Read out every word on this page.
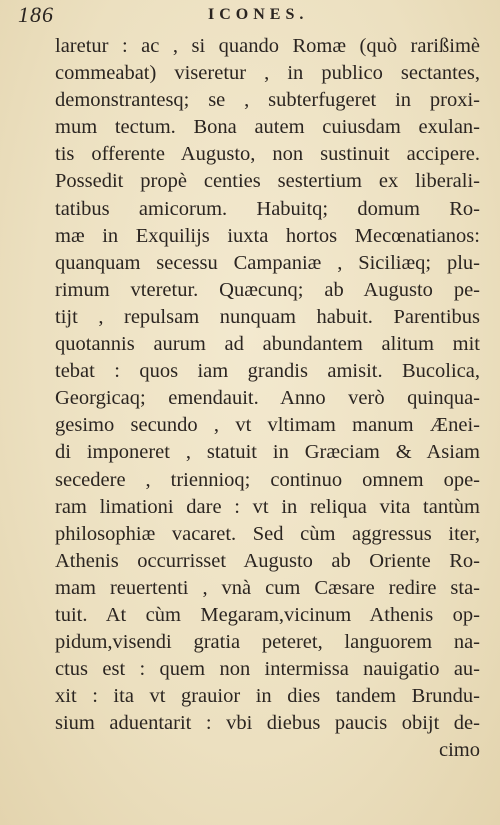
186	ICONES.
laretur : ac , si quando Romæ (quò rarißimè
commeabat) viseretur , in publico sectantes,
demonstrantesq; se , subterfugeret in proxi-
mum tectum. Bona autem cuiusdam exulan-
tis offerente Augusto, non sustinuit accipere.
Possedit propè centies sestertium ex liberali-
tatibus amicorum. Habuitq; domum Ro-
mæ in Exquilijs iuxta hortos Mecœnatianos:
quanquam secessu Campaniæ , Siciliæq; plu-
rimum vteretur. Quæcunq; ab Augusto pe-
tijt , repulsam nunquam habuit. Parentibus
quotannis aurum ad abundantem alitum mit
tebat : quos iam grandis amisit. Bucolica,
Georgicaq; emendauit. Anno verò quinqua-
gesimo secundo , vt vltimam manum Ænei-
di imponeret , statuit in Græciam & Asiam
secedere , triennioq; continuo omnem ope-
ram limationi dare : vt in reliqua vita tantùm
philosophiæ vacaret. Sed cùm aggressus iter,
Athenis occurrisset Augusto ab Oriente Ro-
mam reuertenti , vnà cum Cæsare redire sta-
tuit. At cùm Megaram,vicinum Athenis op-
pidum,visendi gratia peteret, languorem na-
ctus est : quem non intermissa nauigatio au-
xit : ita vt grauior in dies tandem Brundu-
sium aduentarit : vbi diebus paucis obijt de-
cimo
